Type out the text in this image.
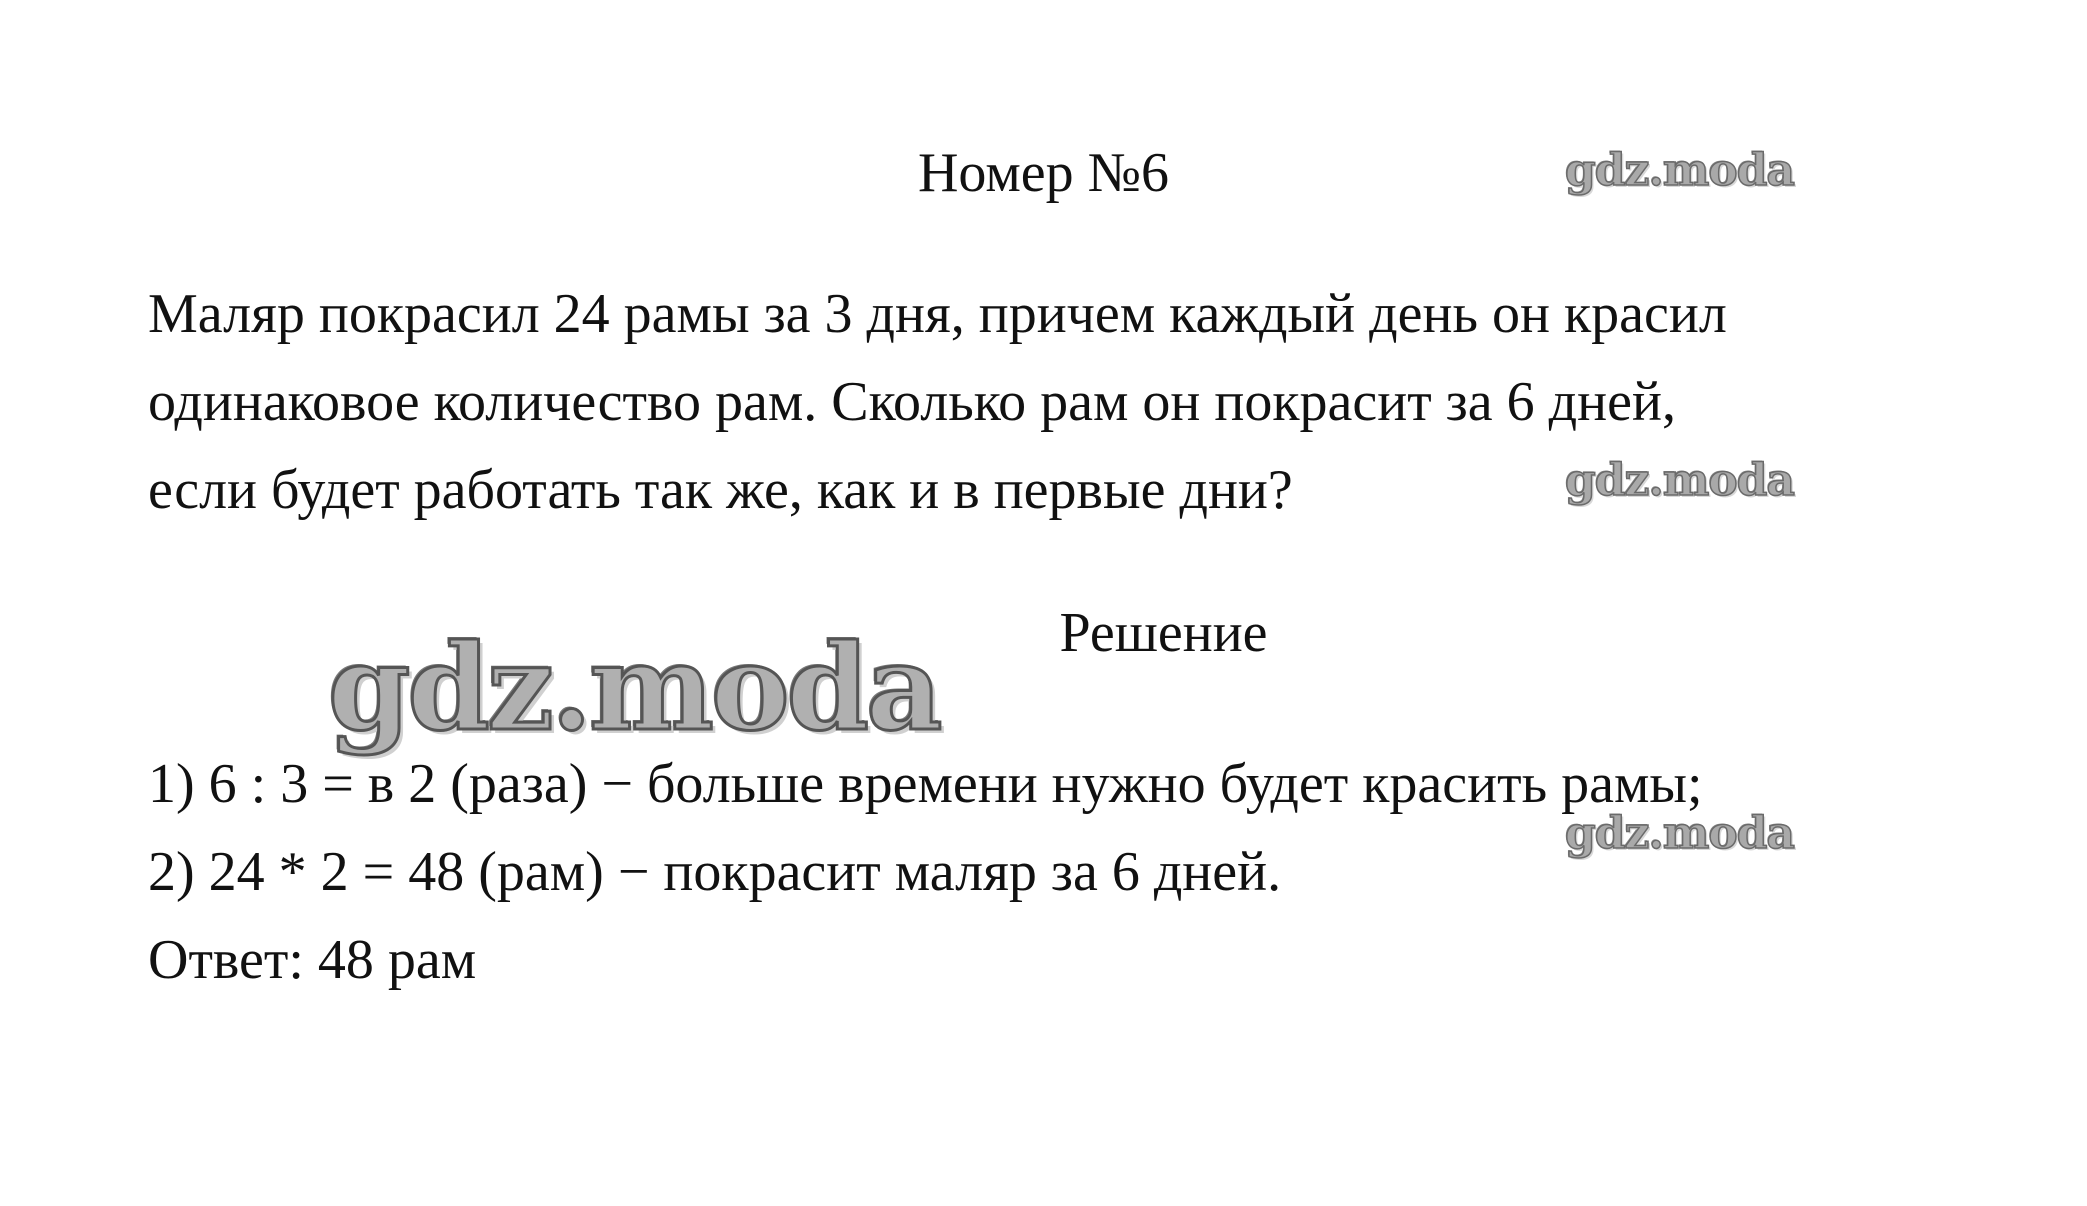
Номер №6	gdz.moda
Маляр покрасил 24 рамы за 3 дня, причем каждый день он красил
одинаковое количество рам. Сколько рам он покрасит за 6 дней,
если будет работать так же, как и в первые дни?	gdz.moda
Решение
gdz.moda
1) 6 : 3 = в 2 (раза) − больше времени нужно будет красить рамы;
2) 24 * 2 = 48 (рам) − покрасит маляр за 6 дней.
Ответ: 48 рам
gdz.moda
